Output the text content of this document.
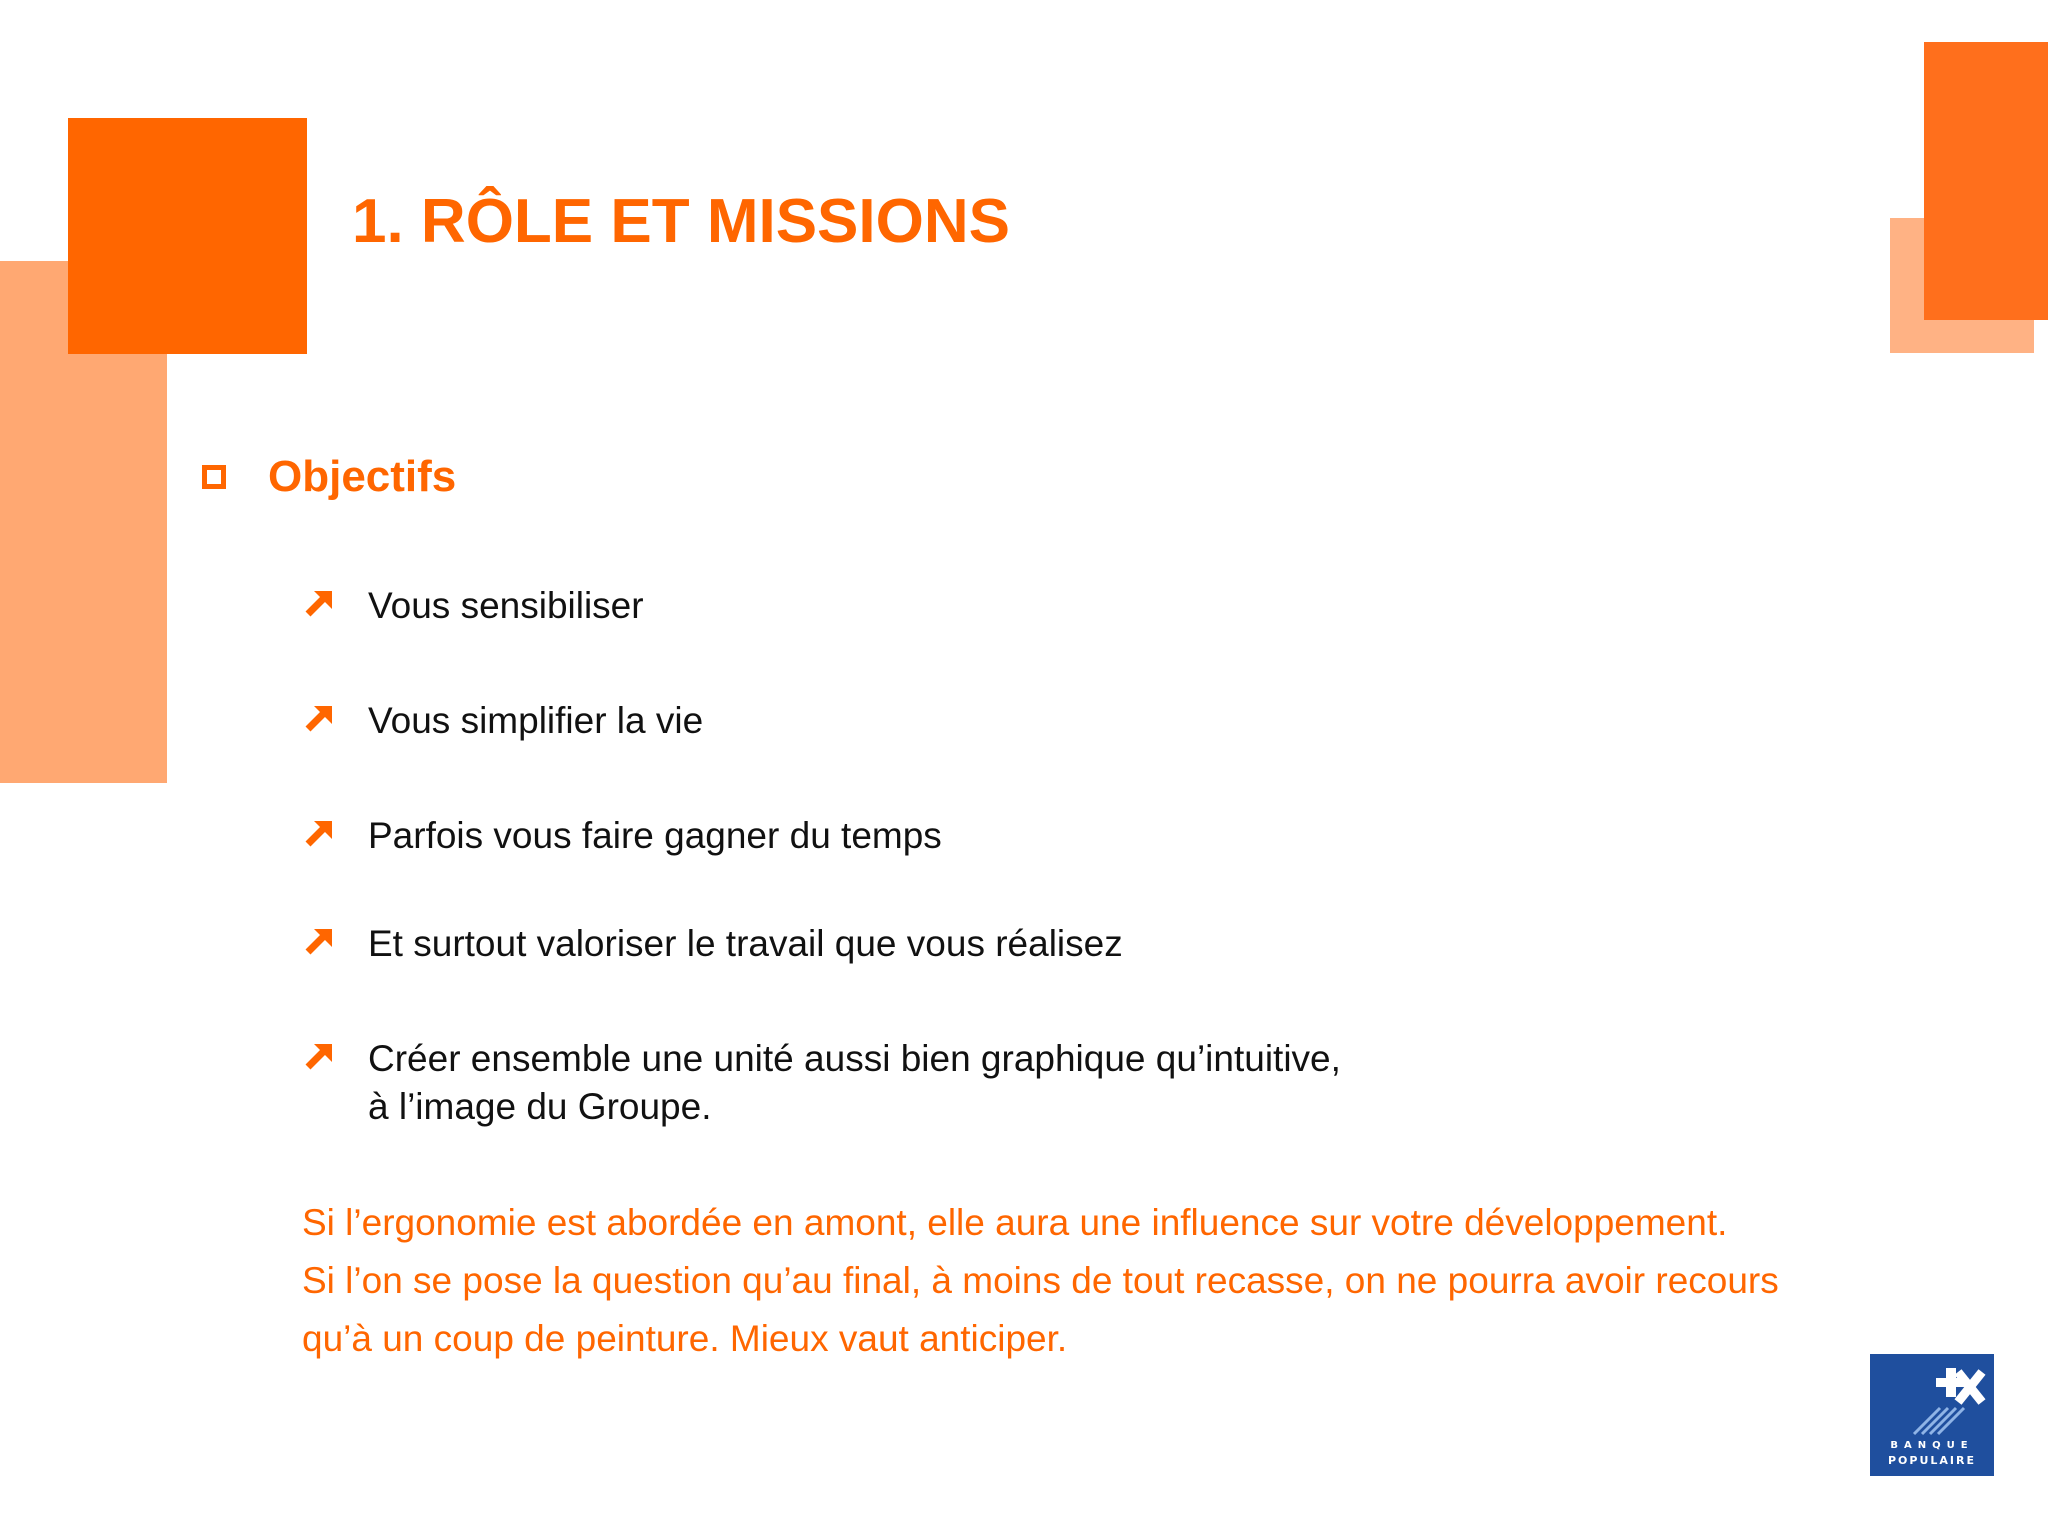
1. RÔLE ET MISSIONS
Objectifs
Vous sensibiliser
Vous simplifier la vie
Parfois vous faire gagner du temps
Et surtout valoriser le travail que vous réalisez
Créer ensemble une unité aussi bien graphique qu’intuitive,
à l’image du Groupe.
Si l’ergonomie est abordée en amont, elle aura une influence sur votre développement.
Si l’on se pose la question qu’au final, à moins de tout recasse, on ne pourra avoir recours
qu’à un coup de peinture. Mieux vaut anticiper.
BANQUE
POPULAIRE
